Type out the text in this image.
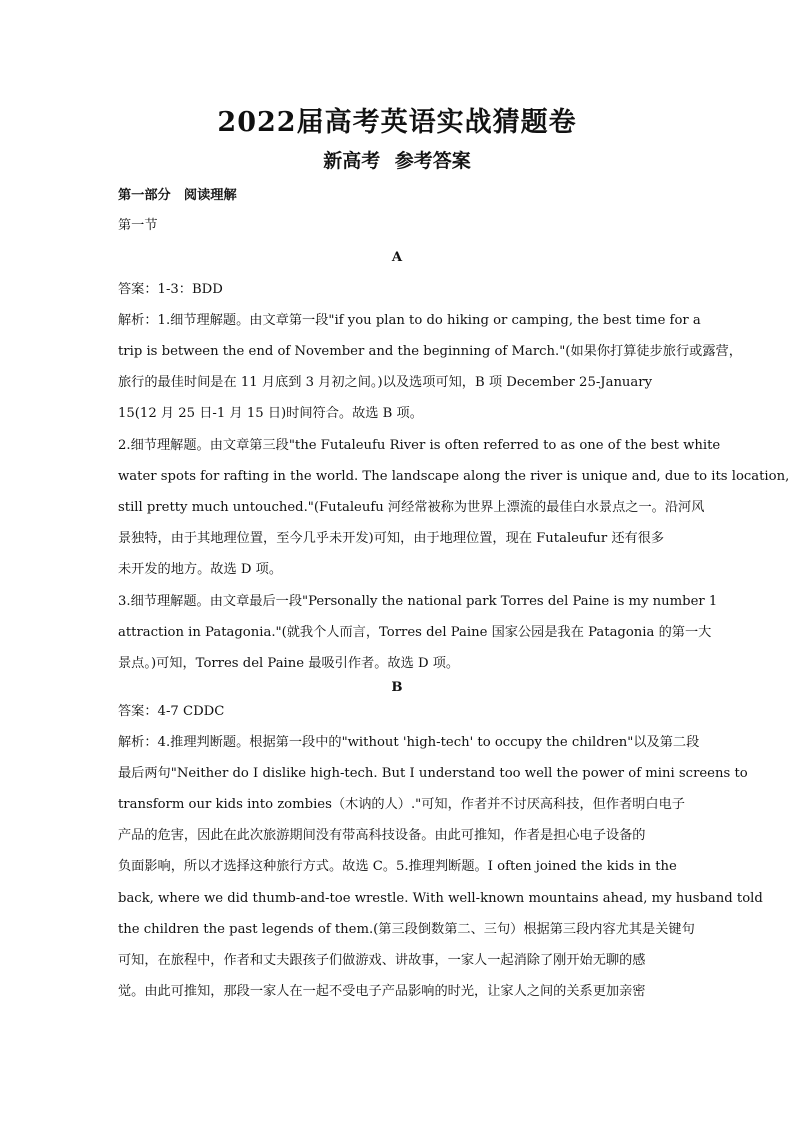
2022届高考英语实战猜题卷
新高考 参考答案
第一部分　阅读理解
第一节
A
答案：1-3：BDD
解析：1.细节理解题。由文章第一段"if you plan to do hiking or camping, the best time for a
trip is between the end of November and the beginning of March."(如果你打算徒步旅行或露营，
旅行的最佳时间是在 11 月底到 3 月初之间。)以及选项可知，B 项 December 25-January
15(12 月 25 日-1 月 15 日)时间符合。故选 B 项。
2.细节理解题。由文章第三段"the Futaleufu River is often referred to as one of the best white
water spots for rafting in the world. The landscape along the river is unique and, due to its location,
still pretty much untouched."(Futaleufu 河经常被称为世界上漂流的最佳白水景点之一。沿河风
景独特，由于其地理位置，至今几乎未开发)可知，由于地理位置，现在 Futaleufur 还有很多
未开发的地方。故选 D 项。
3.细节理解题。由文章最后一段"Personally the national park Torres del Paine is my number 1
attraction in Patagonia."(就我个人而言，Torres del Paine 国家公园是我在 Patagonia 的第一大
景点。)可知，Torres del Paine 最吸引作者。故选 D 项。
B
答案：4-7 CDDC
解析：4.推理判断题。根据第一段中的"without 'high-tech' to occupy the children"以及第二段
最后两句"Neither do I dislike high-tech. But I understand too well the power of mini screens to
transform our kids into zombies（木讷的人）."可知，作者并不讨厌高科技，但作者明白电子
产品的危害，因此在此次旅游期间没有带高科技设备。由此可推知，作者是担心电子设备的
负面影响，所以才选择这种旅行方式。故选 C。5.推理判断题。I often joined the kids in the
back, where we did thumb-and-toe wrestle. With well-known mountains ahead, my husband told
the children the past legends of them.(第三段倒数第二、三句）根据第三段内容尤其是关键句
可知，在旅程中，作者和丈夫跟孩子们做游戏、讲故事，一家人一起消除了刚开始无聊的感
觉。由此可推知，那段一家人在一起不受电子产品影响的时光，让家人之间的关系更加亲密
